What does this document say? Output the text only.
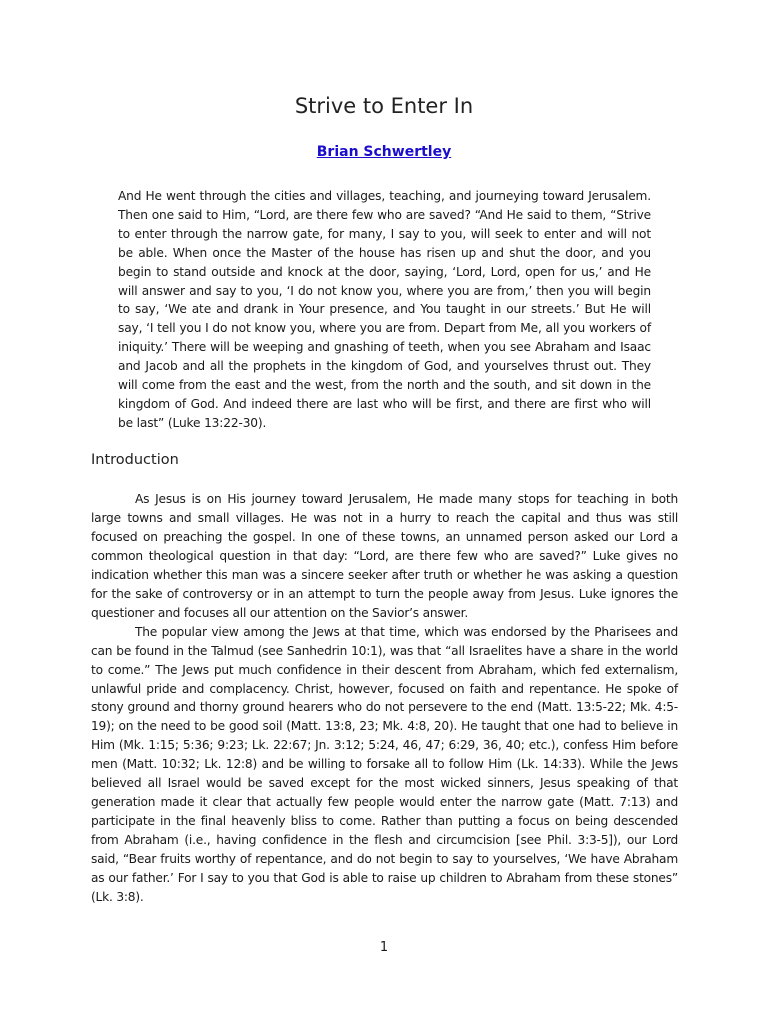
Strive to Enter In
Brian Schwertley
And He went through the cities and villages, teaching, and journeying toward Jerusalem. Then one said to Him, “Lord, are there few who are saved? “And He said to them, “Strive to enter through the narrow gate, for many, I say to you, will seek to enter and will not be able. When once the Master of the house has risen up and shut the door, and you begin to stand outside and knock at the door, saying, ‘Lord, Lord, open for us,’ and He will answer and say to you, ‘I do not know you, where you are from,’ then you will begin to say, ‘We ate and drank in Your presence, and You taught in our streets.’ But He will say, ‘I tell you I do not know you, where you are from. Depart from Me, all you workers of iniquity.’ There will be weeping and gnashing of teeth, when you see Abraham and Isaac and Jacob and all the prophets in the kingdom of God, and yourselves thrust out. They will come from the east and the west, from the north and the south, and sit down in the kingdom of God. And indeed there are last who will be first, and there are first who will be last” (Luke 13:22-30).
Introduction

As Jesus is on His journey toward Jerusalem, He made many stops for teaching in both large towns and small villages. He was not in a hurry to reach the capital and thus was still focused on preaching the gospel. In one of these towns, an unnamed person asked our Lord a common theological question in that day: “Lord, are there few who are saved?” Luke gives no indication whether this man was a sincere seeker after truth or whether he was asking a question for the sake of controversy or in an attempt to turn the people away from Jesus. Luke ignores the questioner and focuses all our attention on the Savior’s answer.

The popular view among the Jews at that time, which was endorsed by the Pharisees and can be found in the Talmud (see Sanhedrin 10:1), was that “all Israelites have a share in the world to come.” The Jews put much confidence in their descent from Abraham, which fed externalism, unlawful pride and complacency. Christ, however, focused on faith and repentance. He spoke of stony ground and thorny ground hearers who do not persevere to the end (Matt. 13:5-22; Mk. 4:5-19); on the need to be good soil (Matt. 13:8, 23; Mk. 4:8, 20). He taught that one had to believe in Him (Mk. 1:15; 5:36; 9:23; Lk. 22:67; Jn. 3:12; 5:24, 46, 47; 6:29, 36, 40; etc.), confess Him before men (Matt. 10:32; Lk. 12:8) and be willing to forsake all to follow Him (Lk. 14:33). While the Jews believed all Israel would be saved except for the most wicked sinners, Jesus speaking of that generation made it clear that actually few people would enter the narrow gate (Matt. 7:13) and participate in the final heavenly bliss to come. Rather than putting a focus on being descended from Abraham (i.e., having confidence in the flesh and circumcision [see Phil. 3:3-5]), our Lord said, “Bear fruits worthy of repentance, and do not begin to say to yourselves, ‘We have Abraham as our father.’ For I say to you that God is able to raise up children to Abraham from these stones” (Lk. 3:8).

1
